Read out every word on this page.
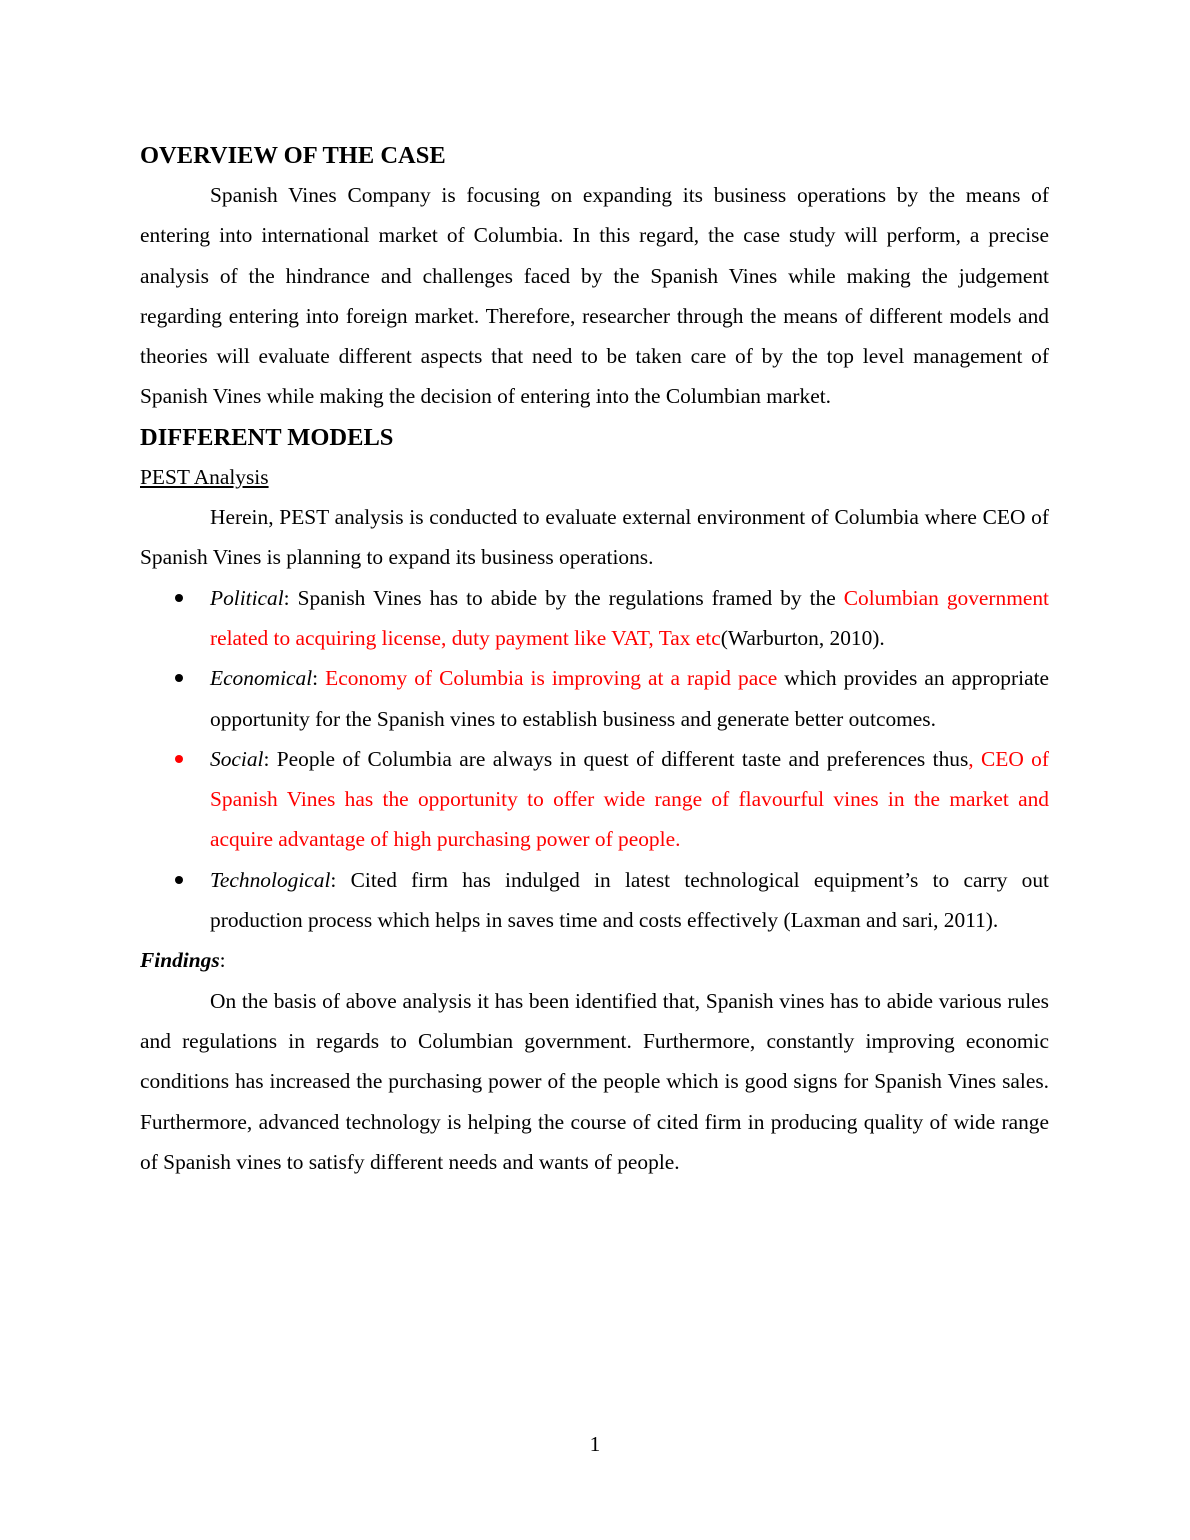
OVERVIEW OF THE CASE

Spanish Vines Company is focusing on expanding its business operations by the means of entering into international market of Columbia. In this regard, the case study will perform, a precise analysis of the hindrance and challenges faced by the Spanish Vines while making the judgement regarding entering into foreign market. Therefore, researcher through the means of different models and theories will evaluate different aspects that need to be taken care of by the top level management of Spanish Vines while making the decision of entering into the Columbian market.

DIFFERENT MODELS

PEST Analysis

Herein, PEST analysis is conducted to evaluate external environment of Columbia where CEO of Spanish Vines is planning to expand its business operations.

Political: Spanish Vines has to abide by the regulations framed by the Columbian government related to acquiring license, duty payment like VAT, Tax etc(Warburton, 2010).
Economical: Economy of Columbia is improving at a rapid pace which provides an appropriate opportunity for the Spanish vines to establish business and generate better outcomes.
Social: People of Columbia are always in quest of different taste and preferences thus, CEO of Spanish Vines has the opportunity to offer wide range of flavourful vines in the market and acquire advantage of high purchasing power of people.
Technological: Cited firm has indulged in latest technological equipment’s to carry out production process which helps in saves time and costs effectively (Laxman and sari, 2011).

Findings:

On the basis of above analysis it has been identified that, Spanish vines has to abide various rules and regulations in regards to Columbian government. Furthermore, constantly improving economic conditions has increased the purchasing power of the people which is good signs for Spanish Vines sales. Furthermore, advanced technology is helping the course of cited firm in producing quality of wide range of Spanish vines to satisfy different needs and wants of people.

1
